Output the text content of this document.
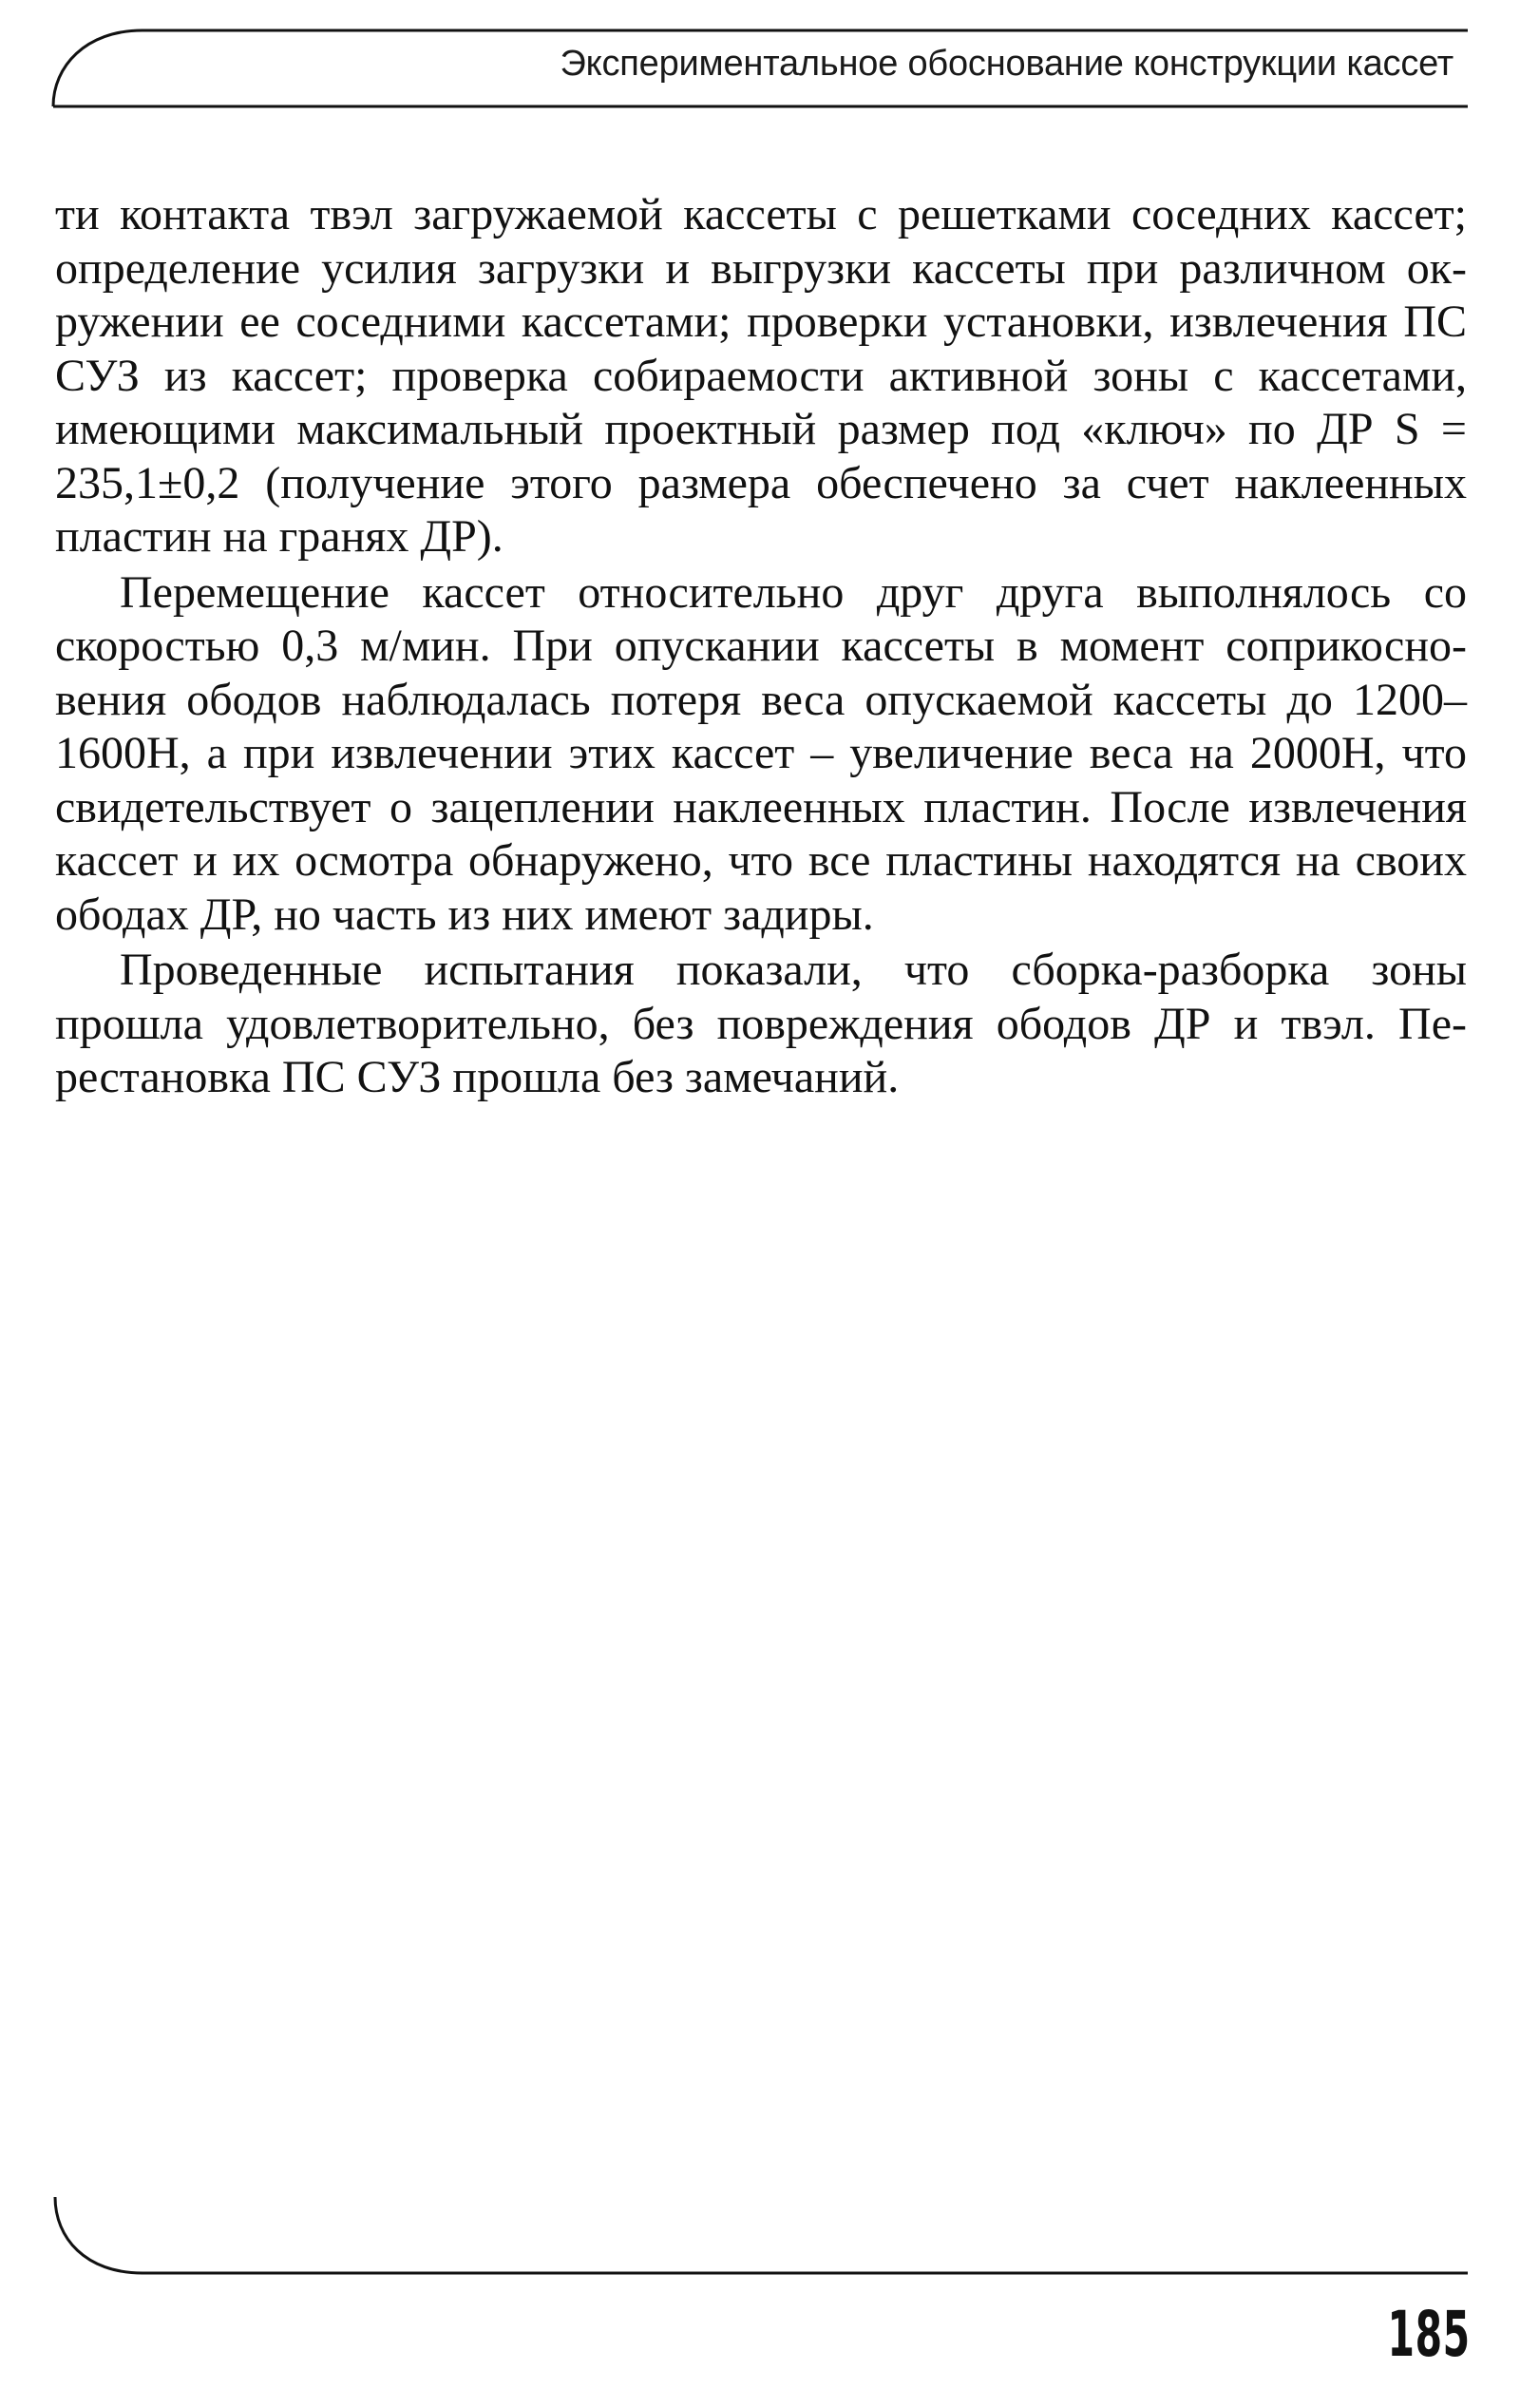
Экспериментальное обоснование конструкции кассет

ти контакта твэл загружаемой кассеты с решетками соседних кассет; определение усилия загрузки и выгрузки кассеты при различном окружении ее соседними кассетами; проверки установки, извлечения ПС СУЗ из кассет; проверка собираемости активной зоны с кассетами, имеющими максимальный проектный размер под «ключ» по ДР S = 235,1±0,2 (получение этого размера обеспечено за счет наклеенных пластин на гранях ДР).

Перемещение кассет относительно друг друга выполнялось со скоростью 0,3 м/мин. При опускании кассеты в момент соприкосновения ободов наблюдалась потеря веса опускаемой кассеты до 1200–1600Н, а при извлечении этих кассет – увеличение веса на 2000Н, что свидетельствует о зацеплении наклеенных пластин. После извлечения кассет и их осмотра обнаружено, что все пластины находятся на своих ободах ДР, но часть из них имеют задиры.

Проведенные испытания показали, что сборка-разборка зоны прошла удовлетворительно, без повреждения ободов ДР и твэл. Перестановка ПС СУЗ прошла без замечаний.

185
